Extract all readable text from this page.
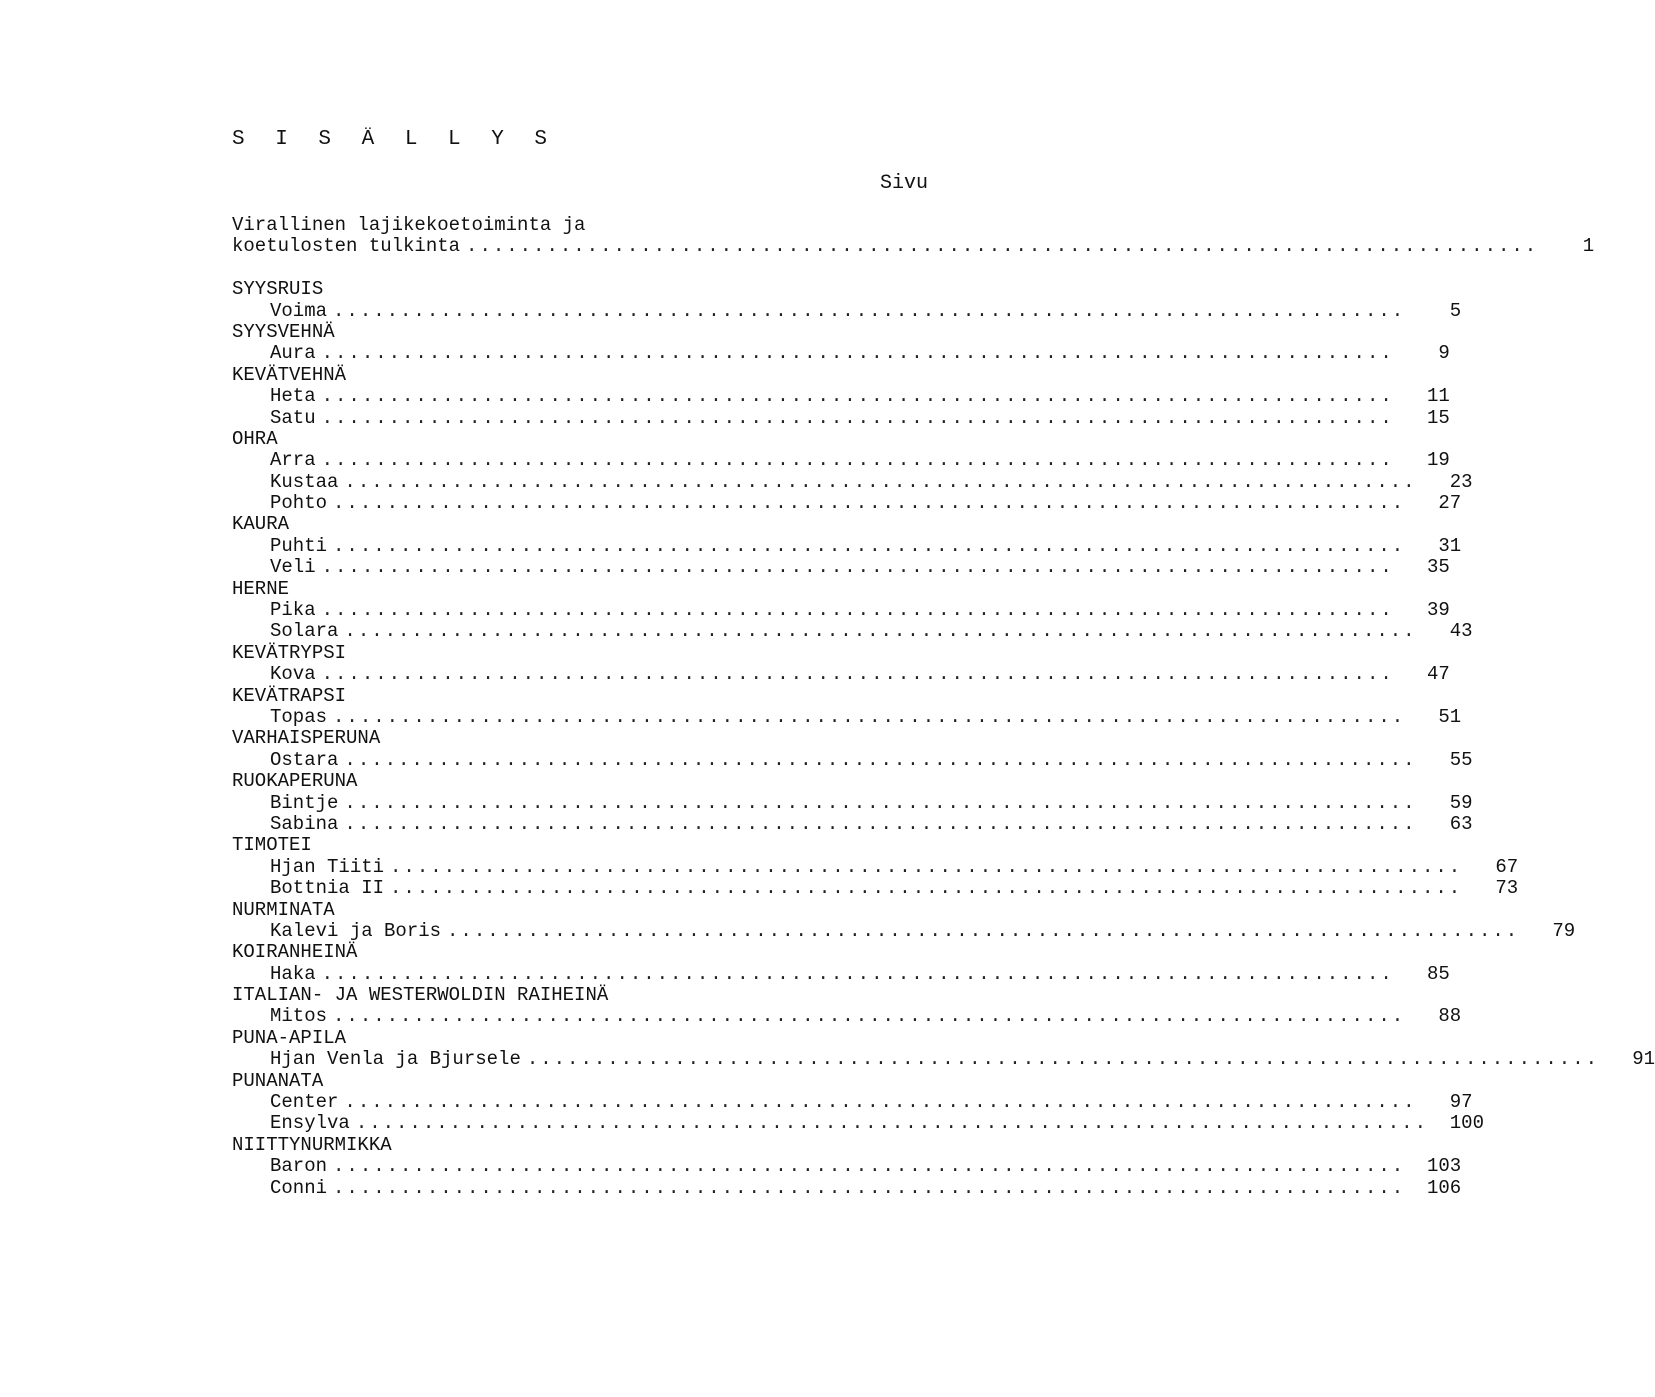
S I S Ä L L Y S
Sivu
Virallinen lajikekoetoiminta ja
koetulosten tulkinta ................................................................................	1
SYYSRUIS
Voima ................................................................................	5
SYYSVEHNÄ
Aura ................................................................................	9
KEVÄTVEHNÄ
Heta ................................................................................	11
Satu ................................................................................	15
OHRA
Arra ................................................................................	19
Kustaa ................................................................................	23
Pohto ................................................................................	27
KAURA
Puhti ................................................................................	31
Veli ................................................................................	35
HERNE
Pika ................................................................................	39
Solara ................................................................................	43
KEVÄTRYPSI
Kova ................................................................................	47
KEVÄTRAPSI
Topas ................................................................................	51
VARHAISPERUNA
Ostara ................................................................................	55
RUOKAPERUNA
Bintje ................................................................................	59
Sabina ................................................................................	63
TIMOTEI
Hjan Tiiti ................................................................................	67
Bottnia II ................................................................................	73
NURMINATA
Kalevi ja Boris ................................................................................	79
KOIRANHEINÄ
Haka ................................................................................	85
ITALIAN- JA WESTERWOLDIN RAIHEINÄ
Mitos ................................................................................	88
PUNA-APILA
Hjan Venla ja Bjursele ................................................................................	91
PUNANATA
Center ................................................................................	97
Ensylva ................................................................................	100
NIITTYNURMIKKA
Baron ................................................................................	103
Conni ................................................................................	106
